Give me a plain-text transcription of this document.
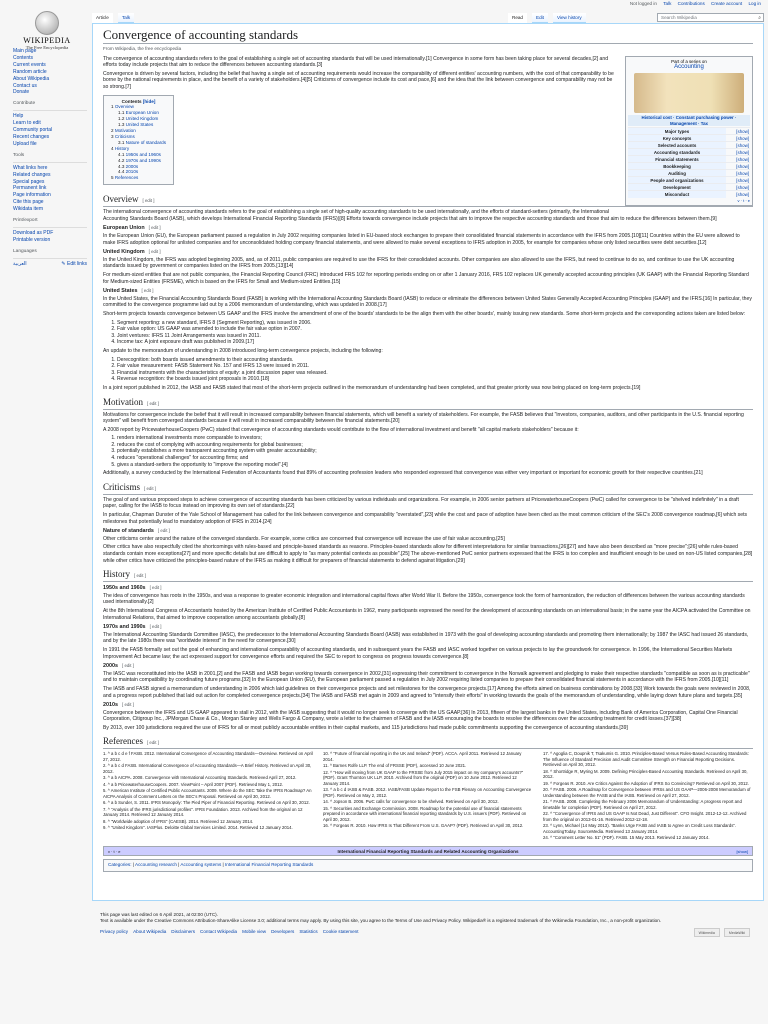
Not logged in Talk Contributions Create account Log in
WIKIPEDIA
The Free Encyclopedia
Main page
Contents
Current events
Random article
About Wikipedia
Contact us
Donate
Contribute
Help
Learn to edit
Community portal
Recent changes
Upload file
Tools
What links here
Related changes
Special pages
Permanent link
Page information
Cite this page
Wikidata item
Print/export
Download as PDF
Printable version
Languages
العربية	✎ Edit links
Article	Talk	Read	Edit	View history	Search Wikipedia	⌕
Convergence of accounting standards
From Wikipedia, the free encyclopedia
Part of a series on
Accounting
Historical cost · Constant purchasing power · Management · Tax
Major types	[show]
Key concepts	[show]
Selected accounts	[show]
Accounting standards	[show]
Financial statements	[show]
Bookkeeping	[show]
Auditing	[show]
People and organizations	[show]
Development	[show]
Misconduct	[show]
v · t · e

The convergence of accounting standards refers to the goal of establishing a single set of accounting standards that will be used internationally.[1] Convergence in some form has been taking place for several decades,[2] and efforts today include projects that aim to reduce the differences between accounting standards.[3]

Convergence is driven by several factors, including the belief that having a single set of accounting requirements would increase the comparability of different entities' accounting numbers, with the cost of that comparability to be borne by the national requirements in place, and the benefit of a variety of stakeholders.[4][5] Criticisms of convergence include its cost and pace,[6] and the idea that the link between convergence and comparability may not be so strong.[7]

Contents [hide]
1 Overview
1.1 European Union
1.2 United Kingdom
1.3 United States
2 Motivation
3 Criticisms
3.1 Nature of standards
4 History
4.1 1950s and 1960s
4.2 1970s and 1990s
4.3 2000s
4.4 2010s
5 References
Overview [ edit ]

The international convergence of accounting standards refers to the goal of establishing a single set of high-quality accounting standards to be used internationally, and the efforts of standard-setters (primarily, the International Accounting Standards Board (IASB), which develops International Financial Reporting Standards (IFRS))[8] Efforts towards convergence include projects that aim to improve the respective accounting standards and those that aim to reduce the differences between them.[9]

European Union [ edit ]

In the European Union (EU), the European parliament passed a regulation in July 2002 requiring companies listed in EU-based stock exchanges to prepare their consolidated financial statements in accordance with the IFRS from 2005.[10][11] Countries within the EU were allowed to make IFRS adoption optional for unlisted companies and for unconsolidated holding company financial statements, and were allowed to make several exceptions to IFRS adoption in 2005, for example for companies whose only listed securities were debt securities.[12]

United Kingdom [ edit ]

In the United Kingdom, the IFRS was adopted beginning 2005, and, as of 2011, public companies are required to use the IFRS for their consolidated accounts. Other companies are also allowed to use the IFRS, but need to continue to do so, and continue to use the UK accounting standards issued by government or companies listed on the IFRS from 2005.[13][14]

For medium-sized entities that are not public companies, the Financial Reporting Council (FRC) introduced FRS 102 for reporting periods ending on or after 1 January 2016, FRS 102 replaces UK generally accepted accounting principles (UK GAAP) with the Financial Reporting Standard for Medium-sized Entities (FRSME), which is based on the IFRS for Small and Medium-sized Entities.[15]

United States [ edit ]

In the United States, the Financial Accounting Standards Board (FASB) is working with the International Accounting Standards Board (IASB) to reduce or eliminate the differences between United States Generally Accepted Accounting Principles (GAAP) and the IFRS.[16] In particular, they committed to the convergence programme laid out by a 2006 memorandum of understanding, which was updated in 2008.[17]

Short-term projects towards convergence between US GAAP and the IFRS involve the amendment of one of the boards' standards to be the align them with the other boards', mainly issuing new standards. Some short-term projects and the corresponding actions taken are listed below:

1. Segment reporting: a new standard, IFRS 8 (Segment Reporting), was issued in 2006.
2. Fair value option: US GAAP was amended to include the fair value option in 2007.
3. Joint ventures: IFRS 11 Joint Arrangements was issued in 2011.
4. Income tax: A joint exposure draft was published in 2009.[17]

An update to the memorandum of understanding in 2008 introduced long-term convergence projects, including the following:

1. Derecognition: both boards issued amendments to their accounting standards.
2. Fair value measurement: FASB Statement No. 157 and IFRS 13 were issued in 2011.
3. Financial instruments with the characteristics of equity: a joint discussion paper was released.
4. Revenue recognition: the boards issued joint proposals in 2010.[18]

In a joint report published in 2012, the IASB and FASB stated that most of the short-term projects outlined in the memorandum of understanding had been completed, and that greater priority was now being placed on long-term projects.[19]

Motivation [ edit ]

Motivations for convergence include the belief that it will result in increased comparability between financial statements, which will benefit a variety of stakeholders. For example, the FASB believes that "investors, companies, auditors, and other participants in the U.S. financial reporting system" will benefit from converged standards because it will result in increased comparability between the financial statements.[20]

A 2008 report by PricewaterhouseCoopers (PwC) stated that convergence of accounting standards would contribute to the flow of international investment and benefit "all capital markets stakeholders" because it:

1. renders international investments more comparable to investors;
2. reduces the cost of complying with accounting requirements for global businesses;
3. potentially establishes a more transparent accounting system with greater accountability;
4. reduces "operational challenges" for accounting firms; and
5. gives a standard-setters the opportunity to "improve the reporting model".[4]

Additionally, a survey conducted by the International Federation of Accountants found that 89% of accounting profession leaders who responded expressed that convergence was either very important or important for economic growth for their respective countries.[21]

Criticisms [ edit ]

The goal of and various proposed steps to achieve convergence of accounting standards has been criticized by various individuals and organizations. For example, in 2006 senior partners at PricewaterhouseCoopers (PwC) called for convergence to be "shelved indefinitely" in a draft paper, calling for the IASB to focus instead on improving its own set of standards.[22]

In particular, Chapman Dunster of the Yale School of Management has called for the link between convergence and comparability "overstated",[23] while the cost and pace of adoption have been cited as the most common criticism of the SEC's 2008 convergence roadmap,[6] which sets milestones that potentially lead to mandatory adoption of IFRS in 2014.[24]

Nature of standards [ edit ]

Other criticisms center around the nature of the converged standards. For example, some critics are concerned that convergence will increase the use of fair value accounting.[25]

Other critics have also respectfully cited the shortcomings with rules-based and principle-based standards as reasons. Principles-based standards allow for different interpretations for similar transactions,[26][27] and have also been described as "more precise";[26] while rules-based standards contain more exceptions[27] and more specific details but are difficult to apply to "as many potential contexts as possible".[25] The above-mentioned PwC senior partners expressed that the IFRS is too complex and insufficient enough to be used on non-US listed companies,[28] while other critics have criticized the principles-based nature of the IFRS as making it difficult for preparers of financial statements to defend against litigation.[29]

History [ edit ]
1950s and 1960s [ edit ]

The idea of convergence has roots in the 1950s, and was a response to greater economic integration and international capital flows after World War II. Before the 1950s, convergence took the form of harmonization, the reduction of differences between the various accounting standards used internationally.[2]

At the 8th International Congress of Accountants hosted by the American Institute of Certified Public Accountants in 1962, many participants expressed the need for the development of accounting standards on an international basis; in the same year the AICPA activated the Committee on International Relations, that aimed to improve cooperation among accountants globally.[8]

1970s and 1990s [ edit ]

The International Accounting Standards Committee (IASC), the predecessor to the International Accounting Standards Board (IASB) was established in 1973 with the goal of developing accounting standards and promoting them internationally; by 1987 the IASC had issued 26 standards, and by the late 1980s there was "worldwide interest" in the need for convergence.[30]

In 1991 the FASB formally set out the goal of enhancing and international comparability of accounting standards, and in subsequent years the FASB and IASC worked together on various projects to lay the groundwork for convergence. In 1996, the International Securities Markets Improvement Act became law; the act expressed support for convergence efforts and required the SEC to report to congress on progress towards convergence.[8]

2000s [ edit ]

The IASC was reconstituted into the IASB in 2001,[2] and the FASB and IASB began working towards convergence in 2002,[31] expressing their commitment to convergence in the Norwalk agreement and pledging to make their respective standards "compatible as soon as is practicable" and to maintain compatibility by coordinating future programs.[32] In the European Union (EU), the European parliament passed a regulation in July 2002 requiring listed companies to prepare their consolidated financial statements in accordance with the IFRS from 2005.[10][11]

The IASB and FASB signed a memorandum of understanding in 2006 which laid guidelines on their convergence projects and set milestones for the convergence projects.[17] Among the efforts aimed on business combinations by 2008.[33] Work towards the goals were reviewed in 2008, and a progress report published that laid out action for completed convergence projects.[34] The IASB and FASB met again in 2009 and agreed to "intensify their efforts" in working towards the goals of the memorandum of understanding, while laying down future plans and targets.[35]

2010s [ edit ]

Convergence between the IFRS and US GAAP appeared to stall in 2012, with the IASB suggesting that it would no longer seek to converge with the US GAAP.[36] In 2013, fifteen of the largest banks in the United States, including Bank of America Corporation, Capital One Financial Corporation, Citigroup Inc., JPMorgan Chase & Co., Morgan Stanley and Wells Fargo & Company, wrote a letter to the chairmen of FASB and the IASB encouraging the boards to resolve the differences over the accounting treatment for credit losses.[37][38]

By 2013, over 100 jurisdictions required the use of IFRS for all or most publicly accountable entities in their capital markets, and 115 jurisdictions had made public commitments supporting the convergence of accounting standards.[39]

References [ edit ]
1. ^ a b c d e f FASB. 2012. International Convergence of Accounting Standards—Overview. Retrieved on April 27, 2012.
2. ^ a b c d FASB. International Convergence of Accounting Standards—A Brief History. Retrieved on April 30, 2012.
3. ^ a b AICPA. 2008. Convergence with International Accounting Standards. Retrieved April 27, 2012.
4. ^ a b PricewaterhouseCoopers. 2007. ViewPoint – April 2007 (PDF). Retrieved May 1, 2012.
5. ^ American Institute of Certified Public Accountants. 2009. Where do the SEC Take the IFRS Roadmap? An AICPA Analysis of Comment Letters on the SEC's Proposal. Retrieved on April 30, 2012.
6. ^ a b Sunder, S. 2011. IFRS Monopoly: The Pied Piper of Financial Reporting. Retrieved on April 30, 2012.
7. ^ "Analysis of the IFRS jurisdictional profiles". IFRS Foundation. 2013. Archived from the original on 12 January 2014. Retrieved 12 January 2014.
8. ^ "Worldwide adoption of IFRS" (CAESB). 2014. Retrieved 12 January 2014.
9. ^ "United Kingdom". IASPlus. Deloitte Global Services Limited. 2014. Retrieved 12 January 2014.
10. ^ "Future of financial reporting in the UK and Ireland" (PDF). ACCA. April 2011. Retrieved 12 January 2014.
11. ^ Barnes Rolfe LLP. The end of FRSSE (PDF), accessed 10 June 2021.
12. ^ "How will moving from UK GAAP to the FRSSE from July 2015 impact on my company's accounts?" (PDF). Grant Thornton UK LLP. 2010. Archived from the original (PDF) on 10 June 2012. Retrieved 12 January 2014.
13. ^ a b c d IASB & FASB. 2012. IASB/FASB Update Report to the FSB Plenary on Accounting Convergence (PDF). Retrieved on May 2, 2012.
14. ^ Jopson B. 2006. PwC calls for convergence to be shelved. Retrieved on April 30, 2012.
15. ^ Securities and Exchange Commission. 2008. Roadmap for the potential use of financial statements prepared in accordance with international financial reporting standards by U.S. issuers (PDF). Retrieved on April 30, 2012.
16. ^ Forgeas R. 2010. How IFRS Is That Different From U.S. GAAP? (PDF). Retrieved on April 30, 2012.
17. ^ Agoglia C, Doupnik T, Tsakumis G. 2010. Principles-Based Versus Rules-Based Accounting Standards: The Influence of Standard Precision and Audit Committee Strength on Financial Reporting Decisions. Retrieved on April 30, 2012.
18. ^ Shortridge R, Myring M. 2009. Defining Principles-Based Accounting Standards. Retrieved on April 30, 2012.
19. ^ Forgeas R. 2010. Are Critics Against the Adoption of IFRS So Convincing? Retrieved on April 30, 2012.
20. ^ FASB. 2006. A Roadmap for Convergence between IFRSs and US GAAP—2006-2008 Memorandum of Understanding between the FASB and the IASB. Retrieved on April 27, 2012.
21. ^ FASB. 2008. Completing the February 2006 Memorandum of Understanding: A progress report and timetable for completion (PDF). Retrieved on April 27, 2012.
22. ^ "Convergence of IFRS and US GAAP Is Not Dead, Just Different". CFO Insight. 2012-12-12. Archived from the original on 2013-01-16. Retrieved 2012-12-18.
23. ^ Lynn, Michael (14 May 2013). "Banks Urge FASB and IASB to Agree on Credit Loss Standards". AccountingToday. SourceMedia. Retrieved 13 January 2014.
24. ^ "Comment Letter No. 51" (PDF). FASB. 15 May 2013. Retrieved 12 January 2014.
v · t · e	International Financial Reporting Standards and Related Accounting Organizations	[show]
Categories: | Accounting research | Accounting systems | International Financial Reporting Standards
This page was last edited on 6 April 2021, at 02:00 (UTC).
Text is available under the Creative Commons Attribution-ShareAlike License 3.0; additional terms may apply. By using this site, you agree to the Terms of Use and Privacy Policy. Wikipedia® is a registered trademark of the Wikimedia Foundation, Inc., a non-profit organization.
Privacy policy About Wikipedia Disclaimers Contact Wikipedia Mobile view Developers Statistics Cookie statement	Wikimedia	MediaWiki
